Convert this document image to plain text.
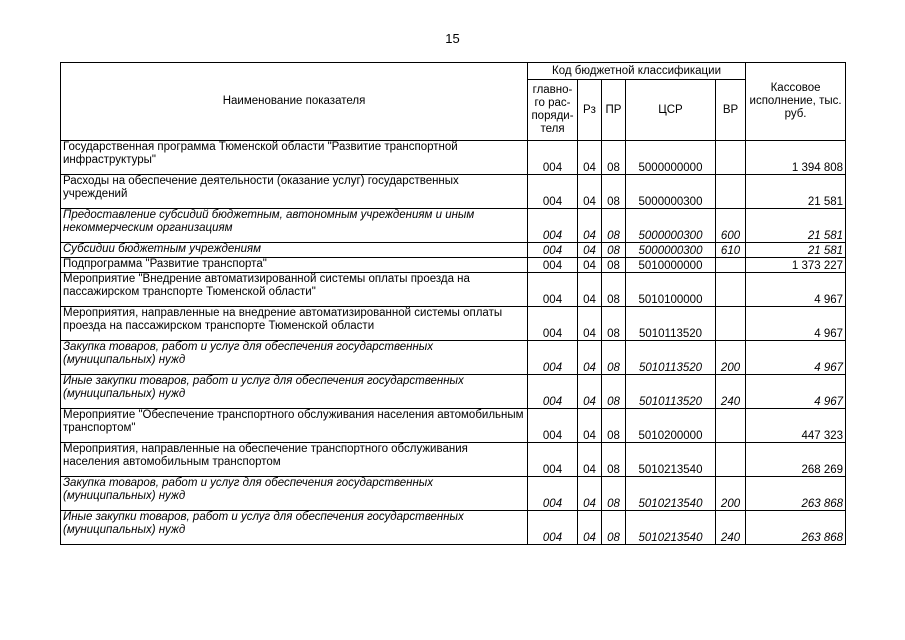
15
Наименование показателя	Код бюджетной классификации					Кассовое исполнение, тыс. руб.
	главно-го рас-поряди-теля	Рз	ПР	ЦСР	ВР	
Государственная программа Тюменской области "Развитие транспортной инфраструктуры"	004	04	08	5000000000		1 394 808
Расходы на обеспечение деятельности (оказание услуг) государственных учреждений	004	04	08	5000000300		21 581
Предоставление субсидий бюджетным, автономным учреждениям и иным некоммерческим организациям	004	04	08	5000000300	600	21 581
Субсидии бюджетным учреждениям	004	04	08	5000000300	610	21 581
Подпрограмма "Развитие транспорта"	004	04	08	5010000000		1 373 227
Мероприятие "Внедрение автоматизированной системы оплаты проезда на пассажирском транспорте Тюменской области"	004	04	08	5010100000		4 967
Мероприятия, направленные на внедрение автоматизированной системы оплаты проезда на пассажирском транспорте Тюменской области	004	04	08	5010113520		4 967
Закупка товаров, работ и услуг для обеспечения государственных (муниципальных) нужд	004	04	08	5010113520	200	4 967
Иные закупки товаров, работ и услуг для обеспечения государственных (муниципальных) нужд	004	04	08	5010113520	240	4 967
Мероприятие "Обеспечение транспортного обслуживания населения автомобильным транспортом"	004	04	08	5010200000		447 323
Мероприятия, направленные на обеспечение транспортного обслуживания населения автомобильным транспортом	004	04	08	5010213540		268 269
Закупка товаров, работ и услуг для обеспечения государственных (муниципальных) нужд	004	04	08	5010213540	200	263 868
Иные закупки товаров, работ и услуг для обеспечения государственных (муниципальных) нужд	004	04	08	5010213540	240	263 868
